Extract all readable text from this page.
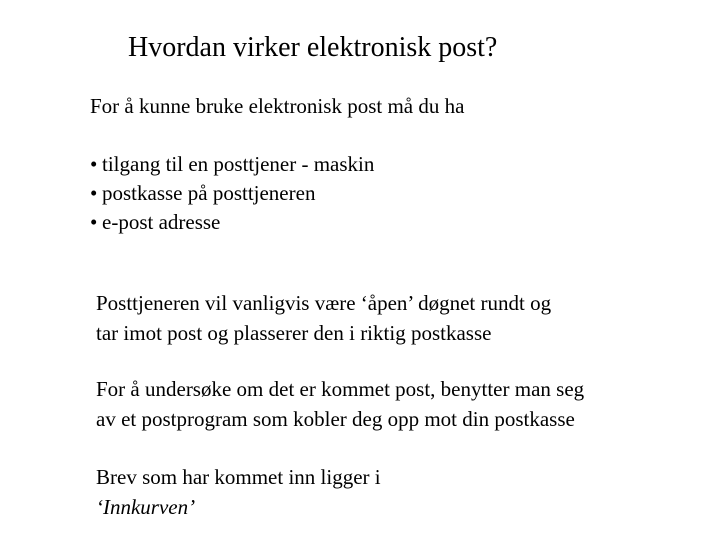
Hvordan virker elektronisk post?
For å kunne bruke elektronisk post må du ha
• tilgang til en posttjener - maskin
• postkasse på posttjeneren
• e-post adresse

Posttjeneren vil vanligvis være ‘åpen’ døgnet rundt og
tar imot post og plasserer den i riktig postkasse

For å undersøke om det er kommet post, benytter man seg
av et postprogram som kobler deg opp mot din postkasse

Brev som har kommet inn ligger i
‘Innkurven’
